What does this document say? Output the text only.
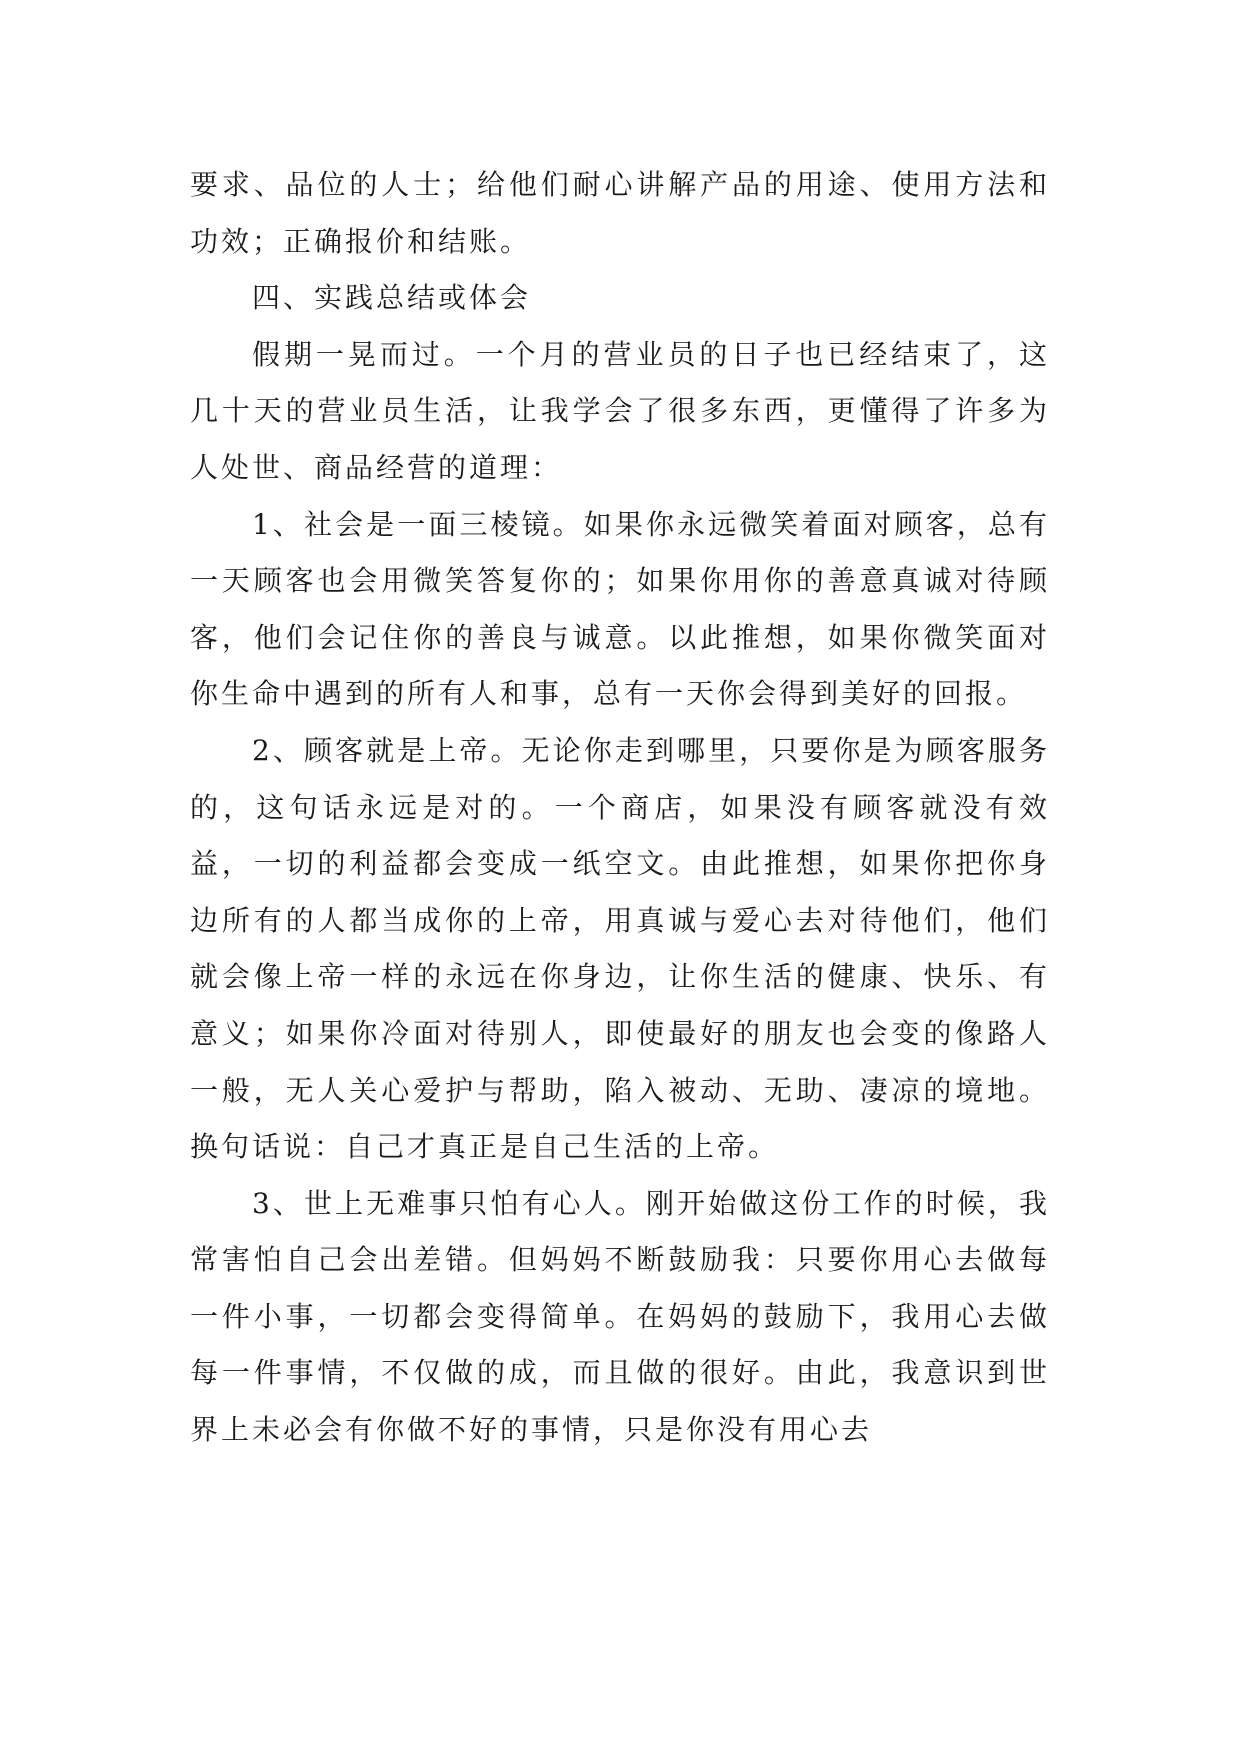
要求、品位的人士；给他们耐心讲解产品的用途、使用方法和功效；正确报价和结账。

四、实践总结或体会

假期一晃而过。一个月的营业员的日子也已经结束了，这几十天的营业员生活，让我学会了很多东西，更懂得了许多为人处世、商品经营的道理：

1、社会是一面三棱镜。如果你永远微笑着面对顾客，总有一天顾客也会用微笑答复你的；如果你用你的善意真诚对待顾客，他们会记住你的善良与诚意。以此推想，如果你微笑面对你生命中遇到的所有人和事，总有一天你会得到美好的回报。

2、顾客就是上帝。无论你走到哪里，只要你是为顾客服务的，这句话永远是对的。一个商店，如果没有顾客就没有效益，一切的利益都会变成一纸空文。由此推想，如果你把你身边所有的人都当成你的上帝，用真诚与爱心去对待他们，他们就会像上帝一样的永远在你身边，让你生活的健康、快乐、有意义；如果你冷面对待别人，即使最好的朋友也会变的像路人一般，无人关心爱护与帮助，陷入被动、无助、凄凉的境地。换句话说：自己才真正是自己生活的上帝。

3、世上无难事只怕有心人。刚开始做这份工作的时候，我常害怕自己会出差错。但妈妈不断鼓励我：只要你用心去做每一件小事，一切都会变得简单。在妈妈的鼓励下，我用心去做每一件事情，不仅做的成，而且做的很好。由此，我意识到世界上未必会有你做不好的事情，只是你没有用心去
